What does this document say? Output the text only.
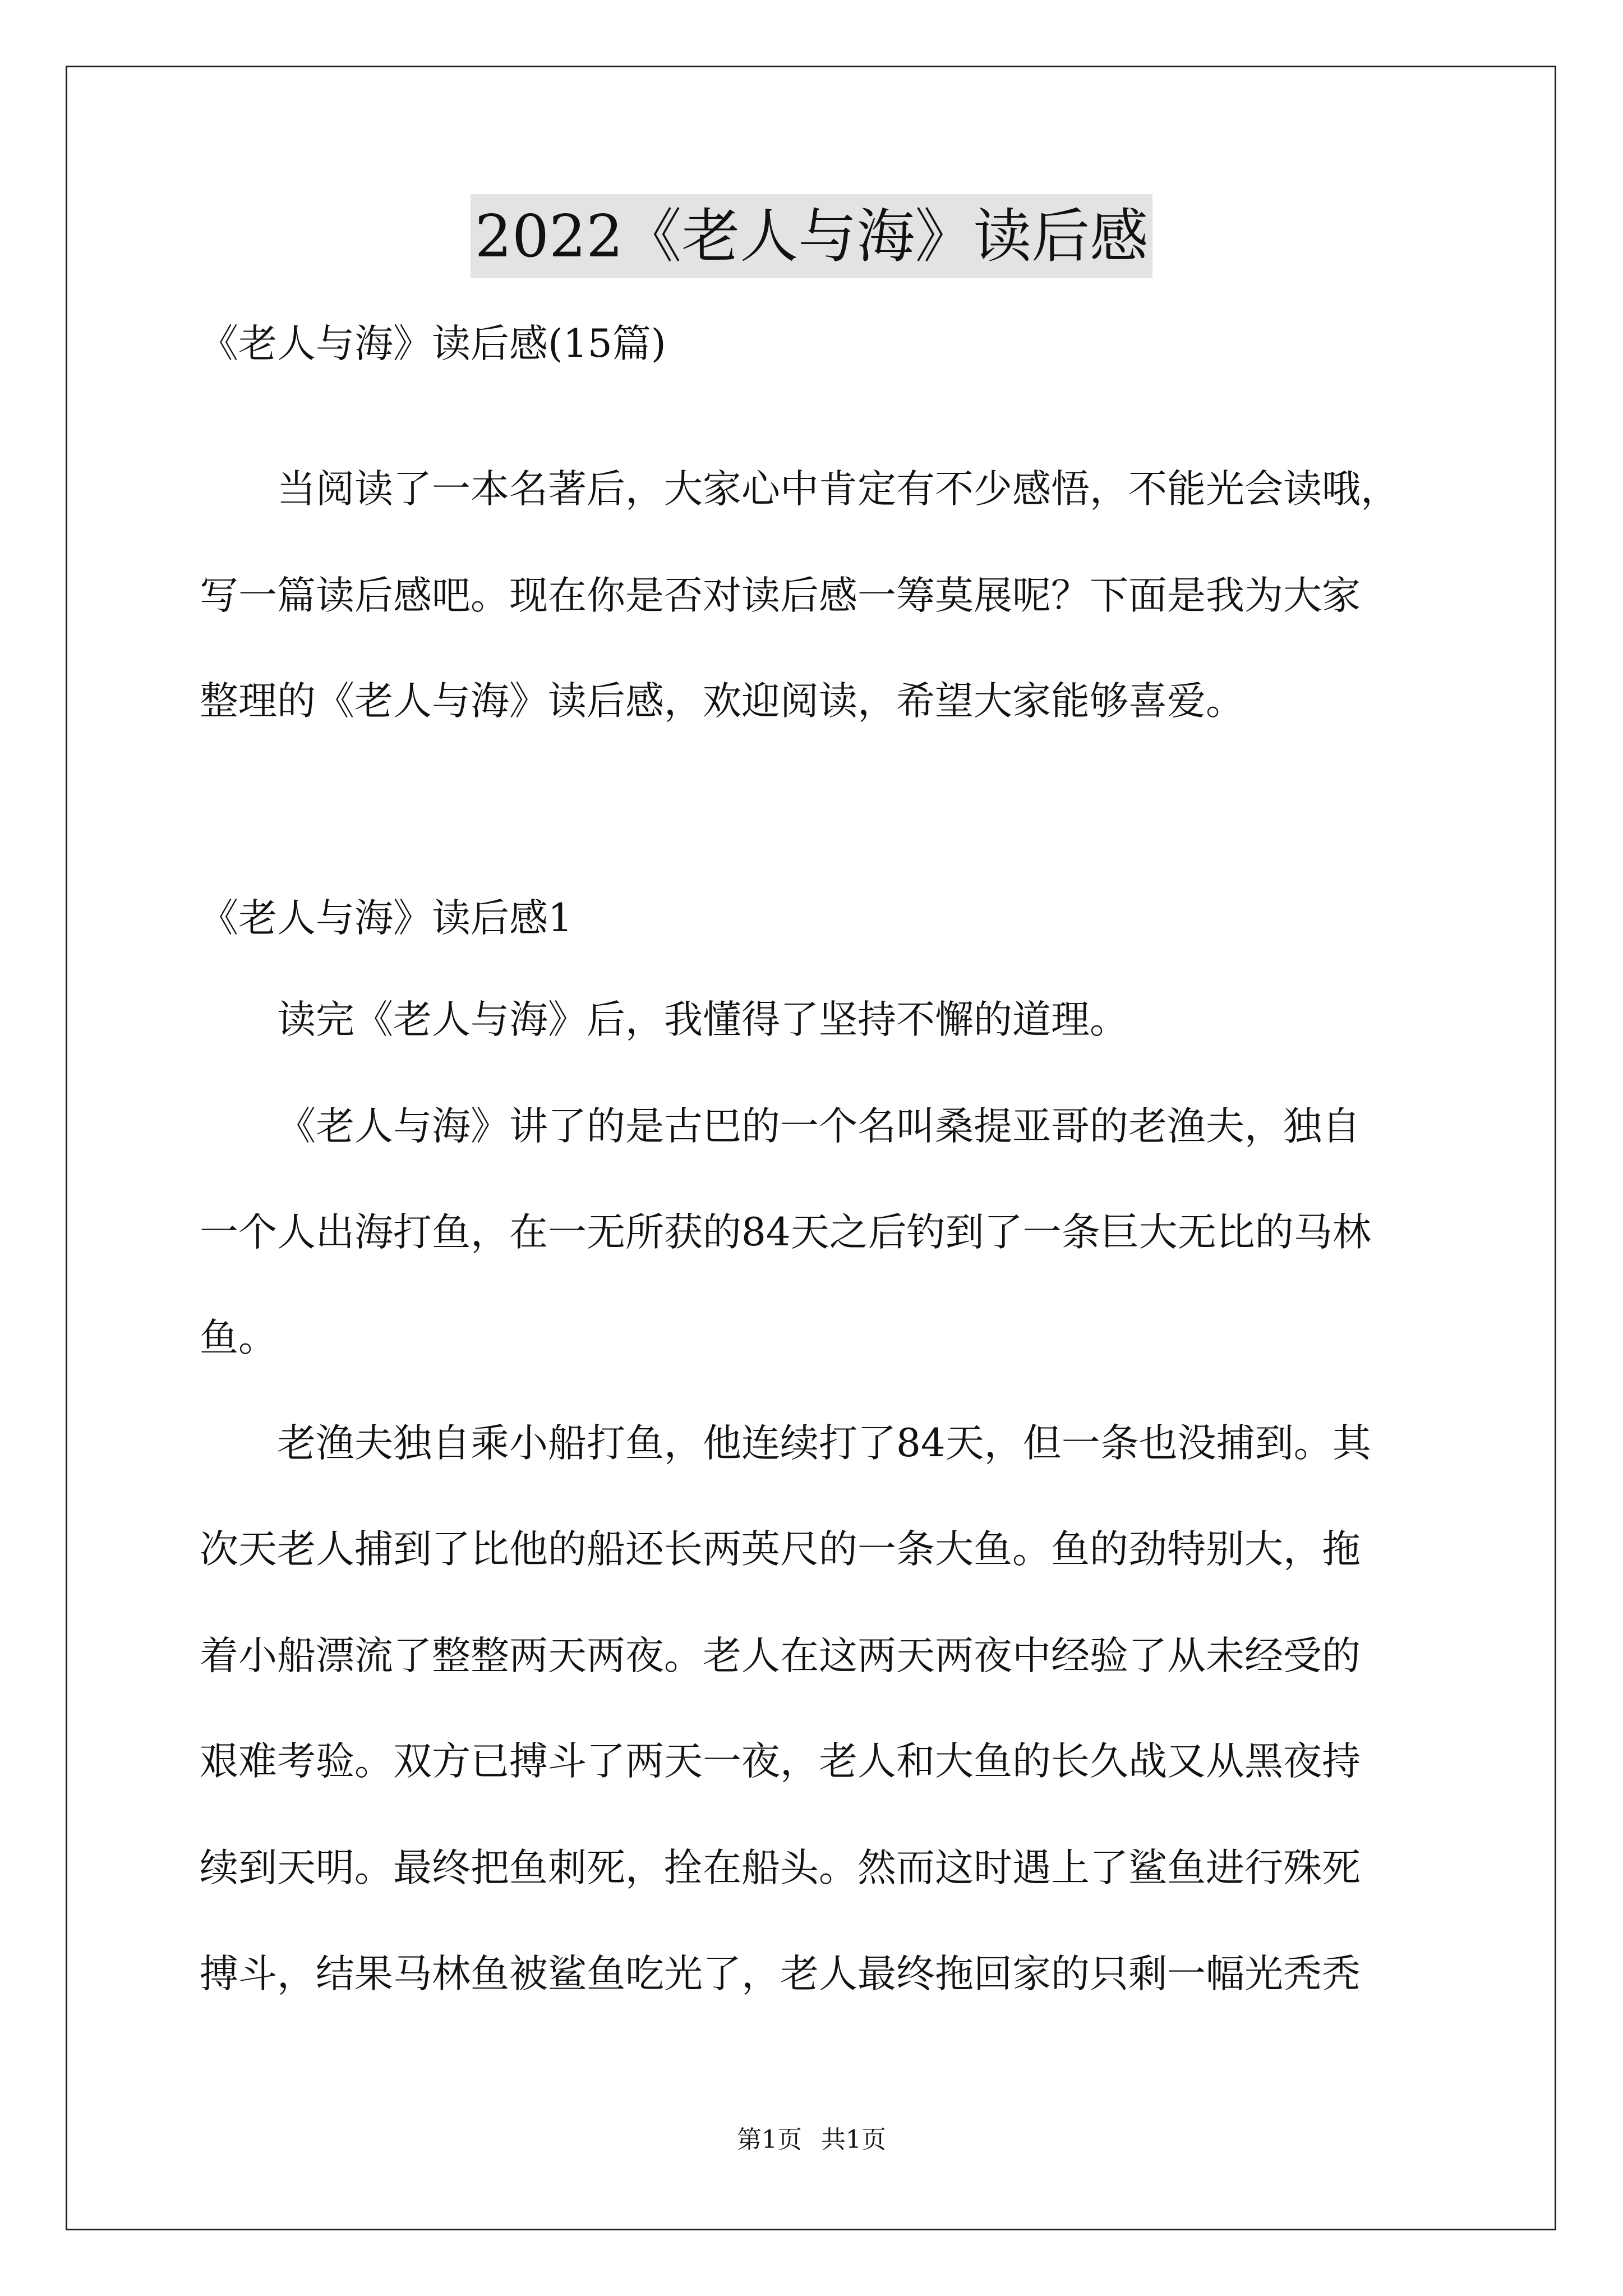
2022《老人与海》读后感
《老人与海》读后感(15篇)
当阅读了一本名著后，大家心中肯定有不少感悟，不能光会读哦，
写一篇读后感吧。现在你是否对读后感一筹莫展呢？下面是我为大家
整理的《老人与海》读后感，欢迎阅读，希望大家能够喜爱。
《老人与海》读后感1
读完《老人与海》后，我懂得了坚持不懈的道理。
《老人与海》讲了的是古巴的一个名叫桑提亚哥的老渔夫，独自
一个人出海打鱼，在一无所获的84天之后钓到了一条巨大无比的马林
鱼。
老渔夫独自乘小船打鱼，他连续打了84天，但一条也没捕到。其
次天老人捕到了比他的船还长两英尺的一条大鱼。鱼的劲特别大，拖
着小船漂流了整整两天两夜。老人在这两天两夜中经验了从未经受的
艰难考验。双方已搏斗了两天一夜，老人和大鱼的长久战又从黑夜持
续到天明。最终把鱼刺死，拴在船头。然而这时遇上了鲨鱼进行殊死
搏斗，结果马林鱼被鲨鱼吃光了，老人最终拖回家的只剩一幅光秃秃
第1页 共1页
